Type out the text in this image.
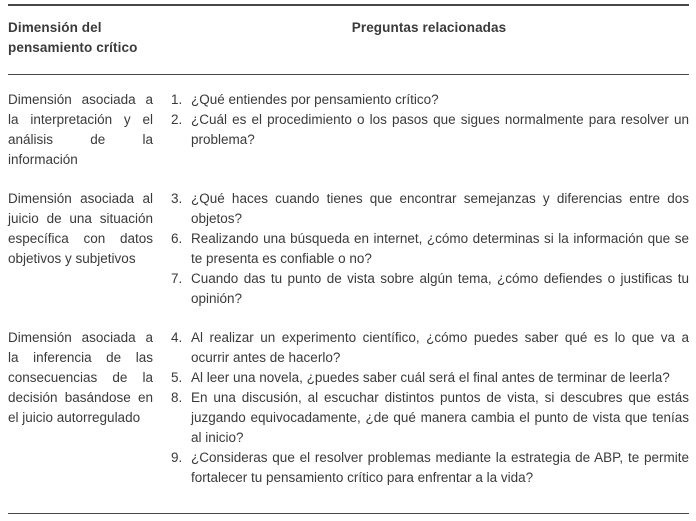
Dimensión del pensamiento crítico
Preguntas relacionadas
Dimensión asociada a la interpretación y el análisis de la información
1. ¿Qué entiendes por pensamiento crítico?
2. ¿Cuál es el procedimiento o los pasos que sigues normalmente para resolver un problema?
Dimensión asociada al juicio de una situación específica con datos objetivos y subjetivos
3. ¿Qué haces cuando tienes que encontrar semejanzas y diferencias entre dos objetos?
6. Realizando una búsqueda en internet, ¿cómo determinas si la información que se te presenta es confiable o no?
7. Cuando das tu punto de vista sobre algún tema, ¿cómo defiendes o justificas tu opinión?
Dimensión asociada a la inferencia de las consecuencias de la decisión basándose en el juicio autorregulado
4. Al realizar un experimento científico, ¿cómo puedes saber qué es lo que va a ocurrir antes de hacerlo?
5. Al leer una novela, ¿puedes saber cuál será el final antes de terminar de leerla?
8. En una discusión, al escuchar distintos puntos de vista, si descubres que estás juzgando equivocadamente, ¿de qué manera cambia el punto de vista que tenías al inicio?
9. ¿Consideras que el resolver problemas mediante la estrategia de ABP, te permite fortalecer tu pensamiento crítico para enfrentar a la vida?
